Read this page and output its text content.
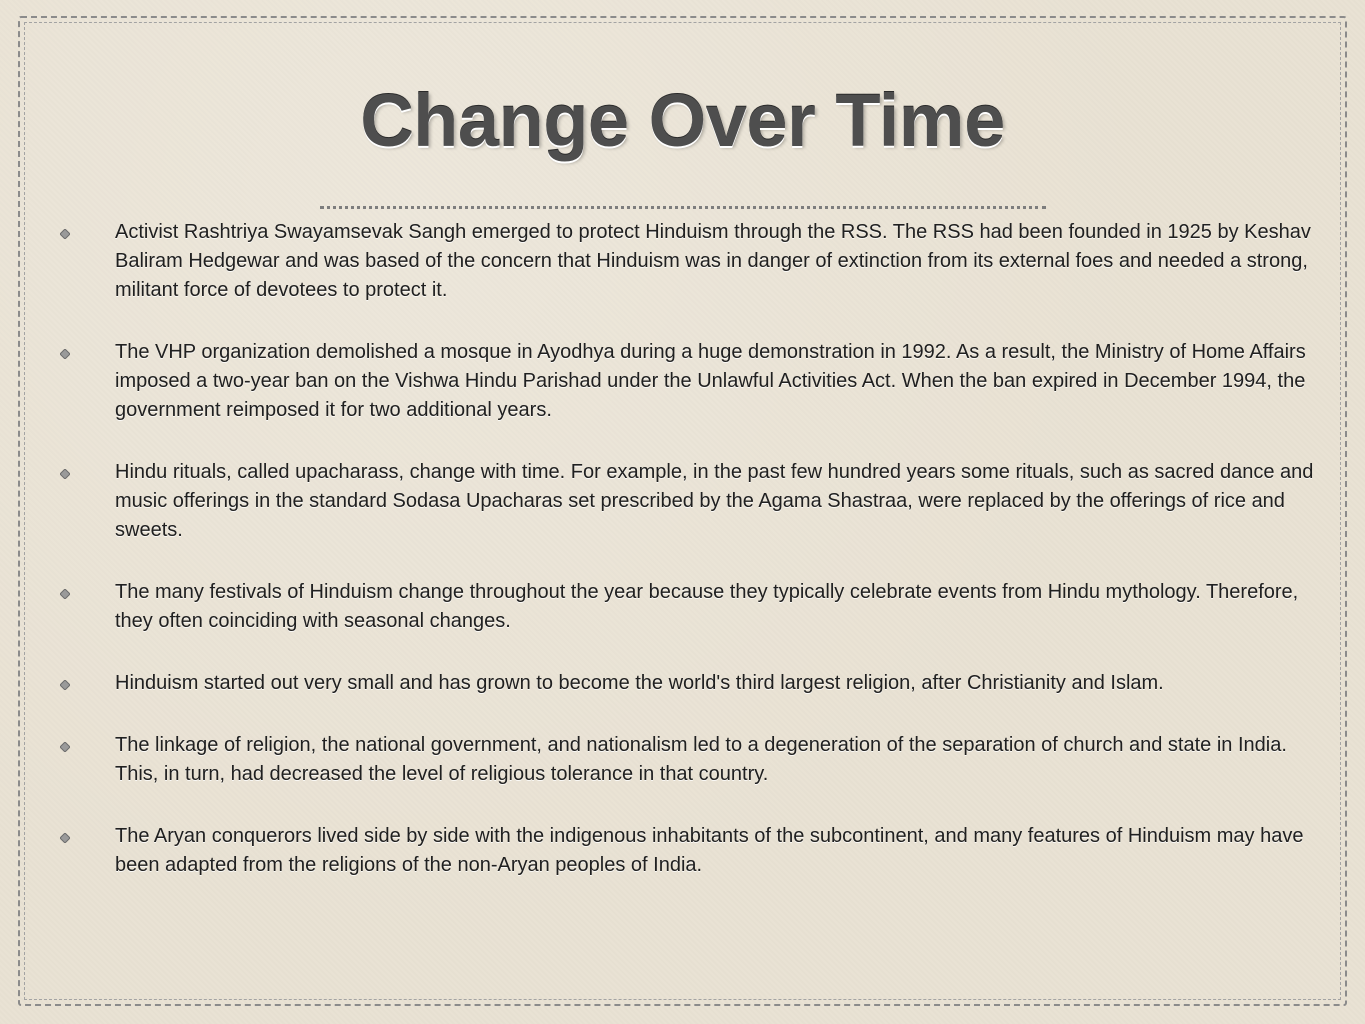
Change Over Time
Activist Rashtriya Swayamsevak Sangh emerged to protect Hinduism through the RSS. The RSS had been founded in 1925 by Keshav Baliram Hedgewar and was based of the concern that Hinduism was in danger of extinction from its external foes and needed a strong, militant force of devotees to protect it.
The VHP organization demolished a mosque in Ayodhya during a huge demonstration in 1992. As a result, the Ministry of Home Affairs imposed a two-year ban on the Vishwa Hindu Parishad under the Unlawful Activities Act. When the ban expired in December 1994, the government reimposed it for two additional years.
Hindu rituals, called upacharass, change with time. For example, in the past few hundred years some rituals, such as sacred dance and music offerings in the standard Sodasa Upacharas set prescribed by the Agama Shastraa, were replaced by the offerings of rice and sweets.
The many festivals of Hinduism change throughout the year because they typically celebrate events from Hindu mythology. Therefore, they often coinciding with seasonal changes.
Hinduism started out very small and has grown to become the world's third largest religion, after Christianity and Islam.
The linkage of religion, the national government, and nationalism led to a degeneration of the separation of church and state in India. This, in turn, had decreased the level of religious tolerance in that country.
The Aryan conquerors lived side by side with the indigenous inhabitants of the subcontinent, and many features of Hinduism may have been adapted from the religions of the non-Aryan peoples of India.
